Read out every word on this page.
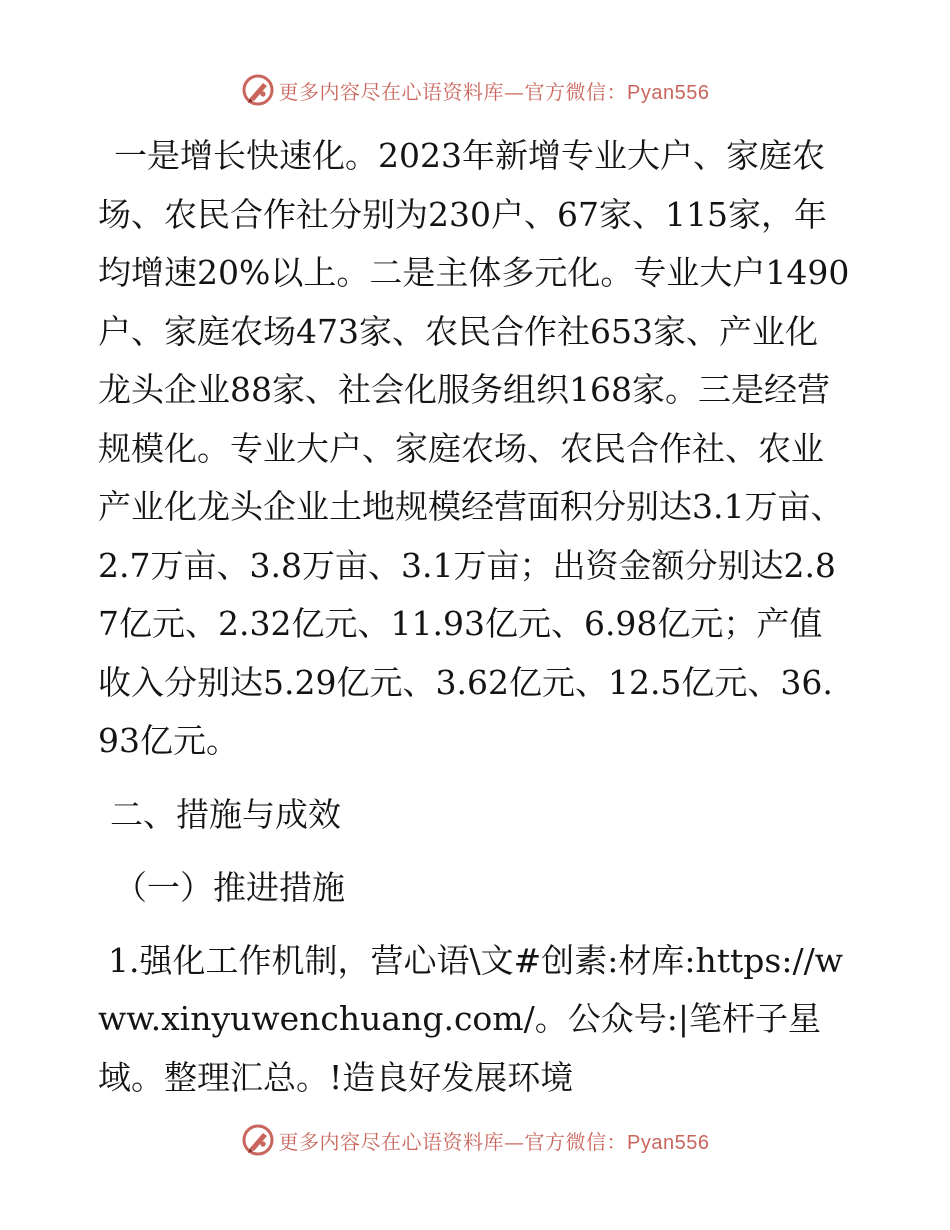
更多内容尽在心语资料库—官方微信：Pyan556

一是增长快速化。2023年新增专业大户、家庭农场、农民合作社分别为230户、67家、115家，年均增速20%以上。二是主体多元化。专业大户1490户、家庭农场473家、农民合作社653家、产业化龙头企业88家、社会化服务组织168家。三是经营规模化。专业大户、家庭农场、农民合作社、农业产业化龙头企业土地规模经营面积分别达3.1万亩、2.7万亩、3.8万亩、3.1万亩；出资金额分别达2.87亿元、2.32亿元、11.93亿元、6.98亿元；产值收入分别达5.29亿元、3.62亿元、12.5亿元、36.93亿元。

二、措施与成效

（一）推进措施

1.强化工作机制，营心语\文#创素:材库:https://www.xinyuwenchuang.com/。公众号:|笔杆子星域。整理汇总。!造良好发展环境

更多内容尽在心语资料库—官方微信：Pyan556
